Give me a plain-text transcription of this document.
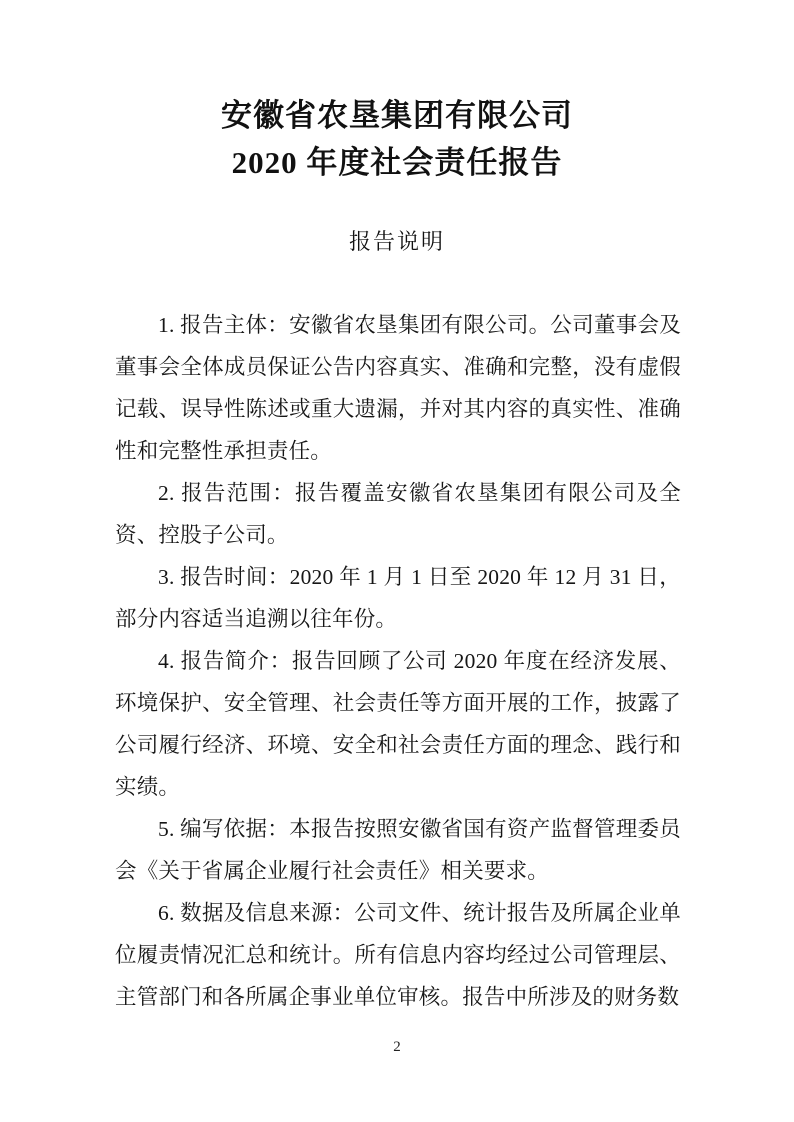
安徽省农垦集团有限公司
2020 年度社会责任报告
报告说明

1. 报告主体：安徽省农垦集团有限公司。公司董事会及董事会全体成员保证公告内容真实、准确和完整，没有虚假记载、误导性陈述或重大遗漏，并对其内容的真实性、准确性和完整性承担责任。

2. 报告范围：报告覆盖安徽省农垦集团有限公司及全资、控股子公司。

3. 报告时间：2020 年 1 月 1 日至 2020 年 12 月 31 日，部分内容适当追溯以往年份。

4. 报告简介：报告回顾了公司 2020 年度在经济发展、环境保护、安全管理、社会责任等方面开展的工作，披露了公司履行经济、环境、安全和社会责任方面的理念、践行和实绩。

5. 编写依据：本报告按照安徽省国有资产监督管理委员会《关于省属企业履行社会责任》相关要求。

6. 数据及信息来源：公司文件、统计报告及所属企业单位履责情况汇总和统计。所有信息内容均经过公司管理层、主管部门和各所属企事业单位审核。报告中所涉及的财务数

2
